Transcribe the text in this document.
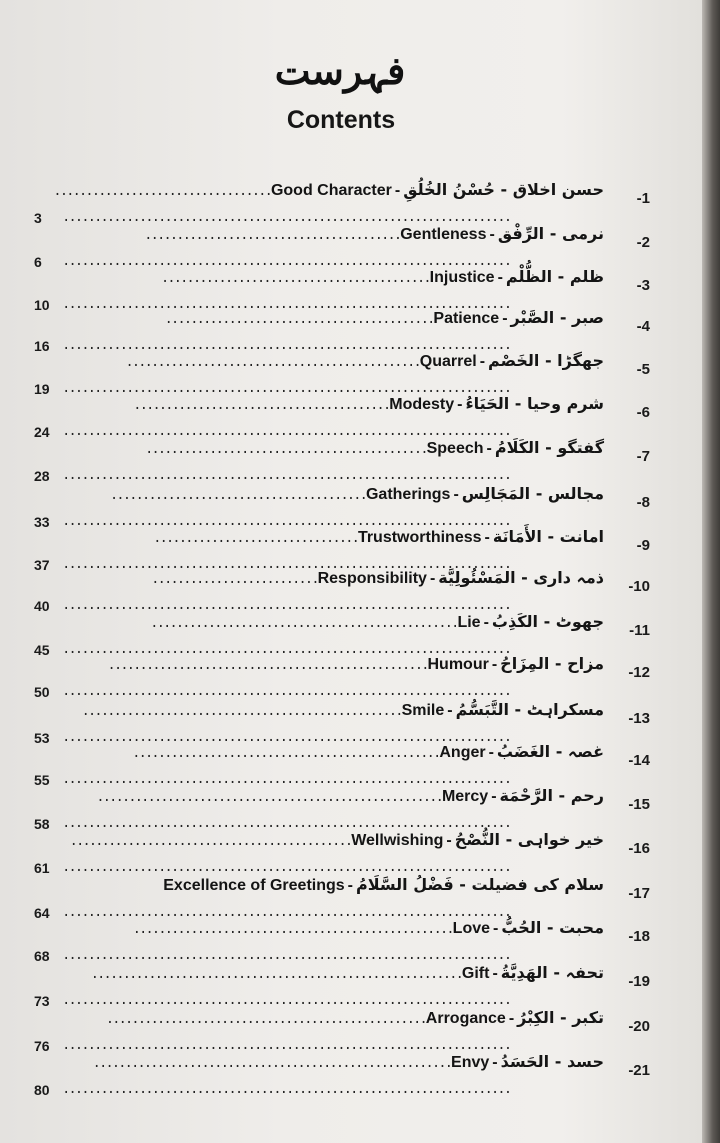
فہرست
Contents
-1
.................................. Good Character - حسن اخلاق - حُسْنُ الخُلُقِ
3 ......................................................................
-2
........................................ Gentleness - نرمی - الرِّفْق
6 ......................................................................
-3
.......................................... Injustice - ظلم - الظُّلْم
10 ......................................................................
-4
.......................................... Patience - صبر - الصَّبْر
16 ......................................................................
-5
.............................................. Quarrel - جھگڑا - الخَصْم
19 ......................................................................
-6
........................................ Modesty - شرم وحیا - الحَیَاءُ
24 ......................................................................
-7
............................................ Speech - گفتگو - الکَلَامُ
28 ......................................................................
-8
........................................ Gatherings - مجالس - المَجَالِس
33 ......................................................................
-9
................................ Trustworthiness - امانت - الأَمَانَة
37 ......................................................................
-10
.......................... Responsibility - ذمہ داری - المَسْئُولِیَّة
40 ......................................................................
-11
................................................ Lie - جھوٹ - الکَذِبُ
45 ......................................................................
-12
.................................................. Humour - مزاح - المِزَاحُ
50 ......................................................................
-13
.................................................. Smile - مسکراہٹ - التَّبَسُّمُ
53 ......................................................................
-14
................................................ Anger - غصہ - الغَضَبُ
55 ......................................................................
-15
...................................................... Mercy - رحم - الرَّحْمَة
58 ......................................................................
-16
............................................ Wellwishing - خیر خواہی - النُّصْحُ
61 ......................................................................
-17
Excellence of Greetings - سلام کی فضیلت - فَضْلُ السَّلَامُ
64 ......................................................................
-18
.................................................. Love - محبت - الحُبُّ
68 ......................................................................
-19
.......................................................... Gift - تحفہ - الهَدِیَّةُ
73 ......................................................................
-20
.................................................. Arrogance - تکبر - الکِبْرُ
76 ......................................................................
-21
........................................................ Envy - حسد - الحَسَدُ
80 ......................................................................
